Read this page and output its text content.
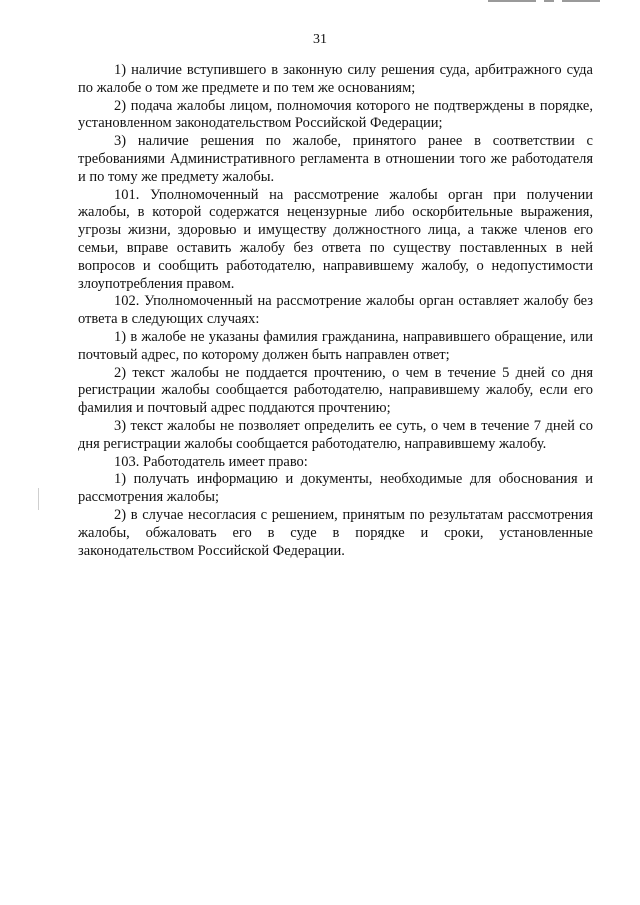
31

1) наличие вступившего в законную силу решения суда, арбитражного суда по жалобе о том же предмете и по тем же основаниям;

2) подача жалобы лицом, полномочия которого не подтверждены в порядке, установленном законодательством Российской Федерации;

3) наличие решения по жалобе, принятого ранее в соответствии с требованиями Административного регламента в отношении того же работодателя и по тому же предмету жалобы.

101. Уполномоченный на рассмотрение жалобы орган при получении жалобы, в которой содержатся нецензурные либо оскорбительные выражения, угрозы жизни, здоровью и имуществу должностного лица, а также членов его семьи, вправе оставить жалобу без ответа по существу поставленных в ней вопросов и сообщить работодателю, направившему жалобу, о недопустимости злоупотребления правом.

102. Уполномоченный на рассмотрение жалобы орган оставляет жалобу без ответа в следующих случаях:

1) в жалобе не указаны фамилия гражданина, направившего обращение, или почтовый адрес, по которому должен быть направлен ответ;

2) текст жалобы не поддается прочтению, о чем в течение 5 дней со дня регистрации жалобы сообщается работодателю, направившему жалобу, если его фамилия и почтовый адрес поддаются прочтению;

3) текст жалобы не позволяет определить ее суть, о чем в течение 7 дней со дня регистрации жалобы сообщается работодателю, направившему жалобу.

103. Работодатель имеет право:

1) получать информацию и документы, необходимые для обоснования и рассмотрения жалобы;

2) в случае несогласия с решением, принятым по результатам рассмотрения жалобы, обжаловать его в суде в порядке и сроки, установленные законодательством Российской Федерации.
